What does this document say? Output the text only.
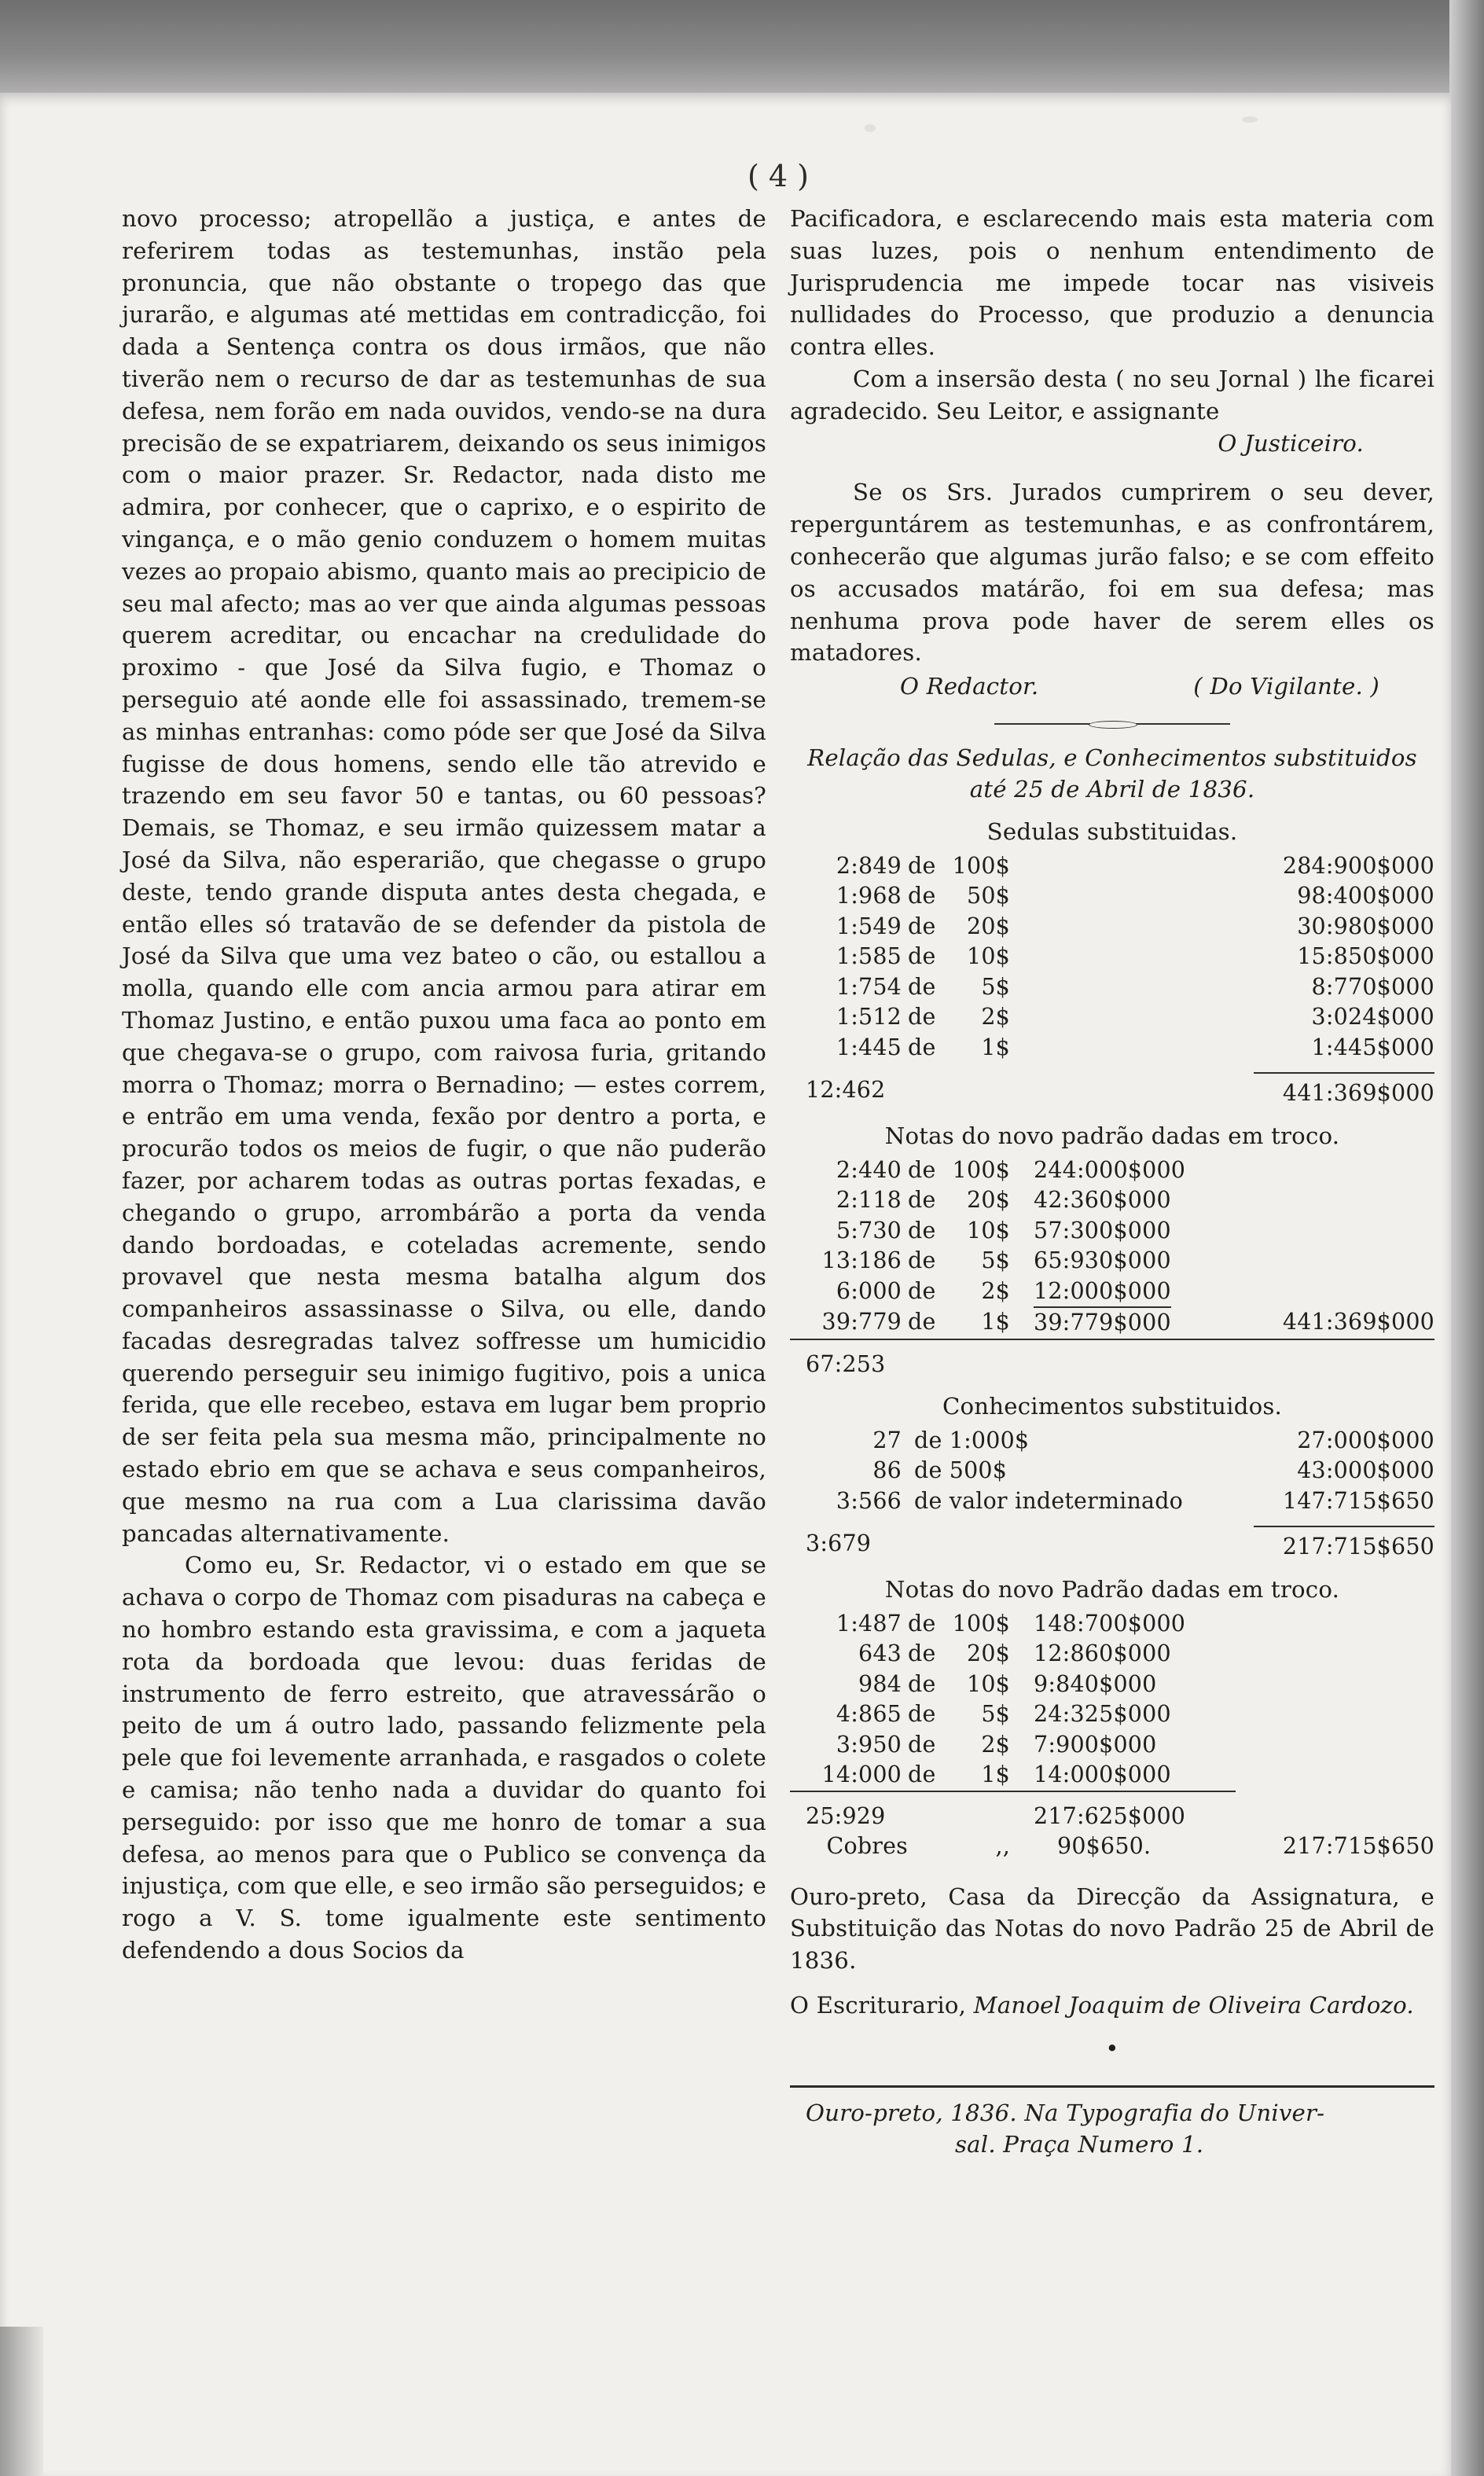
( 4 )

novo processo; atropellão a justiça, e antes de referirem todas as testemunhas, instão pela pronuncia, que não obstante o tropego das que jurarão, e algumas até mettidas em contradicção, foi dada a Sentença contra os dous irmãos, que não tiverão nem o recurso de dar as testemunhas de sua defesa, nem forão em nada ouvidos, vendo-se na dura precisão de se expatriarem, deixando os seus inimigos com o maior prazer. Sr. Redactor, nada disto me admira, por conhecer, que o caprixo, e o espirito de vingança, e o mão genio conduzem o homem muitas vezes ao propaio abismo, quanto mais ao precipicio de seu mal afecto; mas ao ver que ainda algumas pessoas querem acreditar, ou encachar na credulidade do proximo - que José da Silva fugio, e Thomaz o perseguio até aonde elle foi assassinado, tremem-se as minhas entranhas: como póde ser que José da Silva fugisse de dous homens, sendo elle tão atrevido e trazendo em seu favor 50 e tantas, ou 60 pessoas? Demais, se Thomaz, e seu irmão quizessem matar a José da Silva, não esperarião, que chegasse o grupo deste, tendo grande disputa antes desta chegada, e então elles só tratavão de se defender da pistola de José da Silva que uma vez bateo o cão, ou estallou a molla, quando elle com ancia armou para atirar em Thomaz Justino, e então puxou uma faca ao ponto em que chegava-se o grupo, com raivosa furia, gritando morra o Thomaz; morra o Bernadino; — estes correm, e entrão em uma venda, fexão por dentro a porta, e procurão todos os meios de fugir, o que não puderão fazer, por acharem todas as outras portas fexadas, e chegando o grupo, arrombárão a porta da venda dando bordoadas, e coteladas acremente, sendo provavel que nesta mesma batalha algum dos companheiros assassinasse o Silva, ou elle, dando facadas desregradas talvez soffresse um humicidio querendo perseguir seu inimigo fugitivo, pois a unica ferida, que elle recebeo, estava em lugar bem proprio de ser feita pela sua mesma mão, principalmente no estado ebrio em que se achava e seus companheiros, que mesmo na rua com a Lua clarissima davão pancadas alternativamente.

Como eu, Sr. Redactor, vi o estado em que se achava o corpo de Thomaz com pisaduras na cabeça e no hombro estando esta gravissima, e com a jaqueta rota da bordoada que levou: duas feridas de instrumento de ferro estreito, que atravessárão o peito de um á outro lado, passando felizmente pela pele que foi levemente arranhada, e rasgados o colete e camisa; não tenho nada a duvidar do quanto foi perseguido: por isso que me honro de tomar a sua defesa, ao menos para que o Publico se convença da injustiça, com que elle, e seo irmão são perseguidos; e rogo a V. S. tome igualmente este sentimento defendendo a dous Socios da

Pacificadora, e esclarecendo mais esta materia com suas luzes, pois o nenhum entendimento de Jurisprudencia me impede tocar nas visiveis nullidades do Processo, que produzio a denuncia contra elles.

Com a insersão desta ( no seu Jornal ) lhe ficarei agradecido. Seu Leitor, e assignante

O Justiceiro.

Se os Srs. Jurados cumprirem o seu dever, reperguntárem as testemunhas, e as confrontárem, conhecerão que algumas jurão falso; e se com effeito os accusados matárão, foi em sua defesa; mas nenhuma prova pode haver de serem elles os matadores.

O Redactor.	( Do Vigilante. )
Relação das Sedulas, e Conhecimentos substituidos
até 25 de Abril de 1836.
Sedulas substituidas.
2:849	de	100$	284:900$000
1:968	de	50$	98:400$000
1:549	de	20$	30:980$000
1:585	de	10$	15:850$000
1:754	de	5$	8:770$000
1:512	de	2$	3:024$000
1:445	de	1$	1:445$000
12:462			441:369$000
Notas do novo padrão dadas em troco.
2:440	de	100$	244:000$000	
2:118	de	20$	42:360$000	
5:730	de	10$	57:300$000	
13:186	de	5$	65:930$000	
6:000	de	2$	12:000$000	
39:779	de	1$	39:779$000	441:369$000
67:253				
Conhecimentos substituidos.
27	de 1:000$	27:000$000
86	de 500$	43:000$000
3:566	de valor indeterminado	147:715$650
3:679		217:715$650
Notas do novo Padrão dadas em troco.
1:487	de	100$	148:700$000	
643	de	20$	12:860$000	
984	de	10$	9:840$000	
4:865	de	5$	24:325$000	
3:950	de	2$	7:900$000	
14:000	de	1$	14:000$000	
25:929			217:625$000	
Cobres		,,	90$650.	217:715$650

Ouro-preto, Casa da Direcção da Assignatura, e Substituição das Notas do novo Padrão 25 de Abril de 1836.

O Escriturario, Manoel Joaquim de Oliveira Cardozo.

•
Ouro-preto, 1836. Na Typografia do Univer-
sal. Praça Numero 1.
